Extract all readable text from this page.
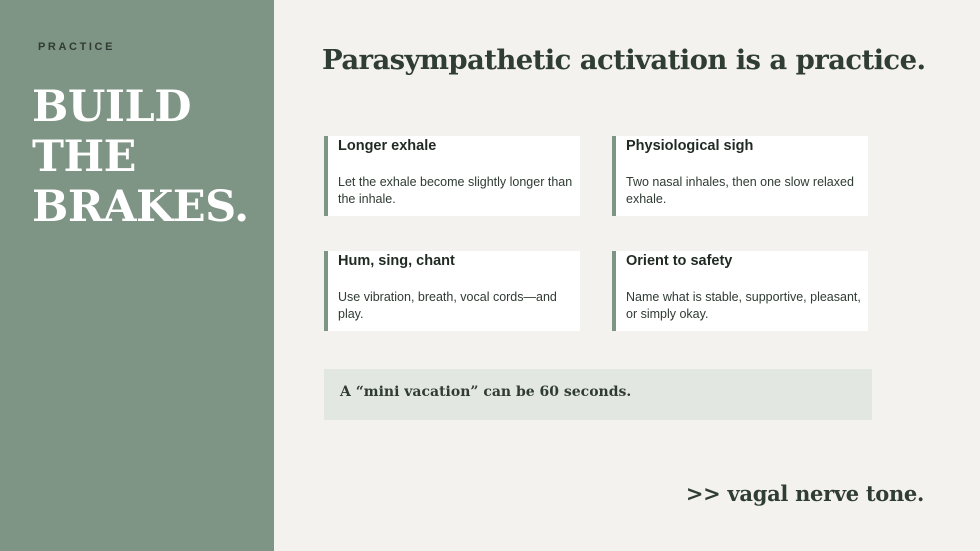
PRACTICE
BUILD
THE
BRAKES.
Parasympathetic activation is a practice.
Longer exhale
Let the exhale become slightly longer than the inhale.
Physiological sigh
Two nasal inhales, then one slow relaxed exhale.
Hum, sing, chant
Use vibration, breath, vocal cords—and play.
Orient to safety
Name what is stable, supportive, pleasant, or simply okay.
A “mini vacation” can be 60 seconds.
>> vagal nerve tone.
